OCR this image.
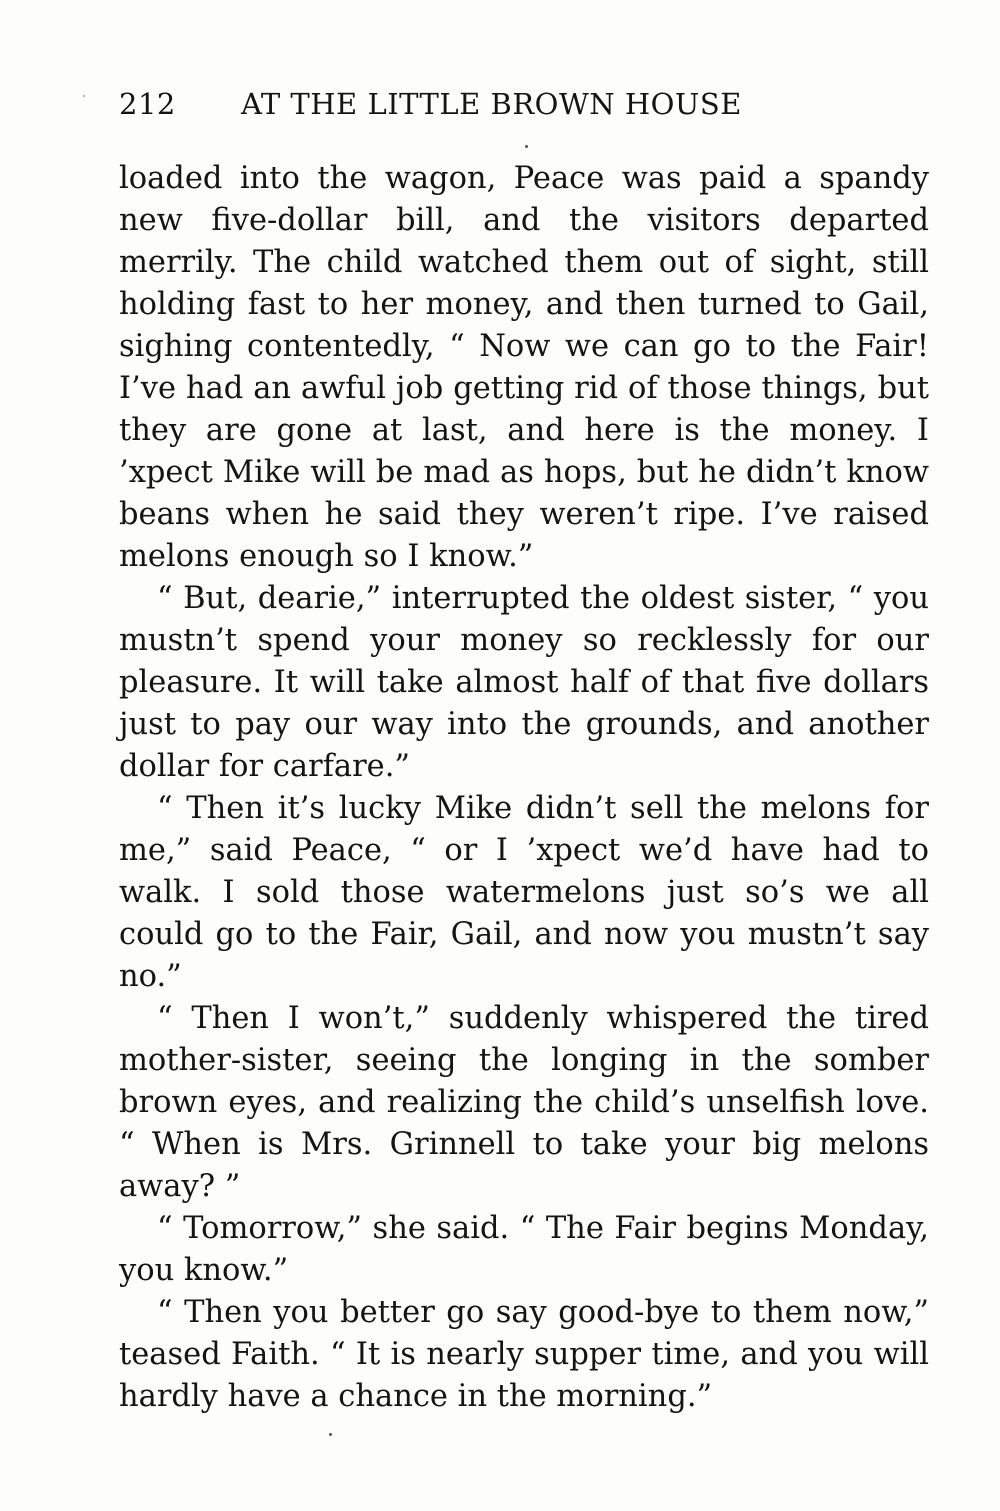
212 AT THE LITTLE BROWN HOUSE

loaded into the wagon, Peace was paid a spandy new five-dollar bill, and the visitors departed merrily. The child watched them out of sight, still holding fast to her money, and then turned to Gail, sighing contentedly, “ Now we can go to the Fair! I’ve had an awful job getting rid of those things, but they are gone at last, and here is the money. I ’xpect Mike will be mad as hops, but he didn’t know beans when he said they weren’t ripe. I’ve raised melons enough so I know.”

“ But, dearie,” interrupted the oldest sister, “ you mustn’t spend your money so recklessly for our pleasure. It will take almost half of that five dollars just to pay our way into the grounds, and another dollar for carfare.”

“ Then it’s lucky Mike didn’t sell the melons for me,” said Peace, “ or I ’xpect we’d have had to walk. I sold those watermelons just so’s we all could go to the Fair, Gail, and now you mustn’t say no.”

“ Then I won’t,” suddenly whispered the tired mother-sister, seeing the longing in the somber brown eyes, and realizing the child’s unselfish love. “ When is Mrs. Grinnell to take your big melons away? ”

“ Tomorrow,” she said. “ The Fair begins Monday, you know.”

“ Then you better go say good-bye to them now,” teased Faith. “ It is nearly supper time, and you will hardly have a chance in the morning.”
